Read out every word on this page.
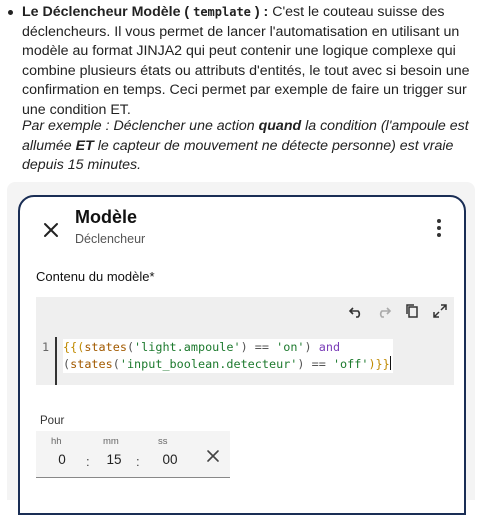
Le Déclencheur Modèle ( template ) : C'est le couteau suisse des déclencheurs. Il vous permet de lancer l'automatisation en utilisant un modèle au format JINJA2 qui peut contenir une logique complexe qui combine plusieurs états ou attributs d'entités, le tout avec si besoin une confirmation en temps. Ceci permet par exemple de faire un trigger sur une condition ET.
Par exemple : Déclencher une action quand la condition (l'ampoule est allumée ET le capteur de mouvement ne détecte personne) est vraie depuis 15 minutes.
Modèle
Déclencheur
Contenu du modèle*
1 {{(states('light.ampoule') == 'on') and
(states('input_boolean.detecteur') == 'off')}}
Pour
hh
0	:
mm
15	:
ss
00
